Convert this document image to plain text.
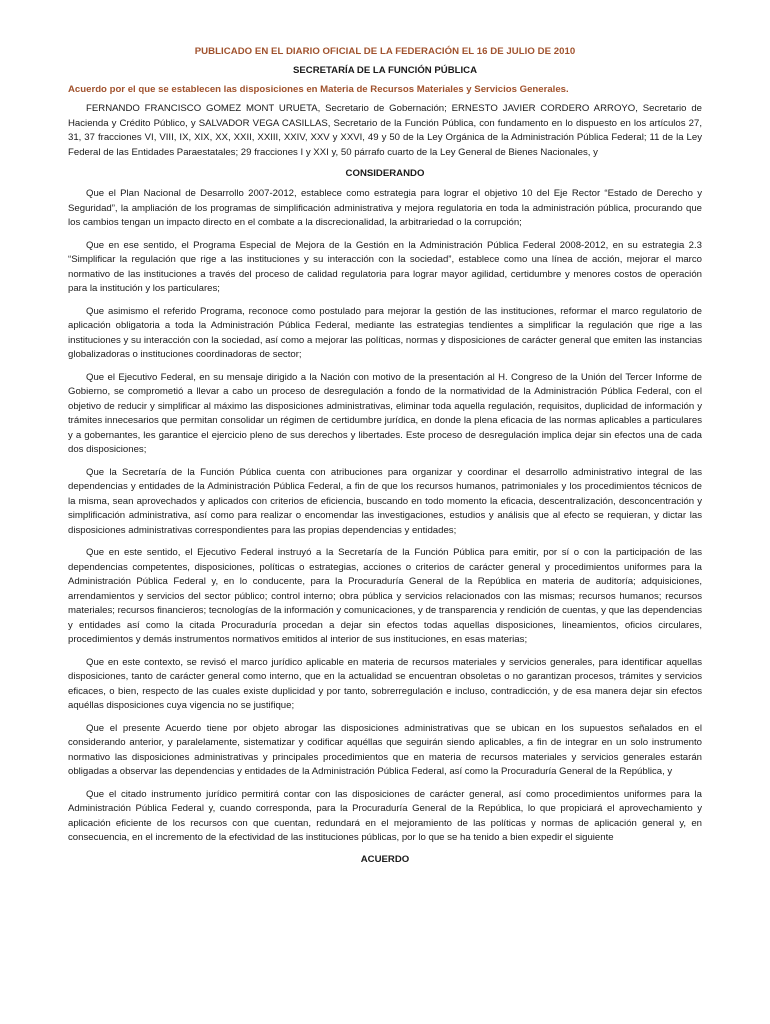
PUBLICADO EN EL DIARIO OFICIAL DE LA FEDERACIÓN EL 16 DE JULIO DE 2010

SECRETARÍA DE LA FUNCIÓN PÚBLICA

Acuerdo por el que se establecen las disposiciones en Materia de Recursos Materiales y Servicios Generales.

FERNANDO FRANCISCO GOMEZ MONT URUETA, Secretario de Gobernación; ERNESTO JAVIER CORDERO ARROYO, Secretario de Hacienda y Crédito Público, y SALVADOR VEGA CASILLAS, Secretario de la Función Pública, con fundamento en lo dispuesto en los artículos 27, 31, 37 fracciones VI, VIII, IX, XIX, XX, XXII, XXIII, XXIV, XXV y XXVI, 49 y 50 de la Ley Orgánica de la Administración Pública Federal; 11 de la Ley Federal de las Entidades Paraestatales; 29 fracciones I y XXI y, 50 párrafo cuarto de la Ley General de Bienes Nacionales, y

CONSIDERANDO

Que el Plan Nacional de Desarrollo 2007-2012, establece como estrategia para lograr el objetivo 10 del Eje Rector “Estado de Derecho y Seguridad”, la ampliación de los programas de simplificación administrativa y mejora regulatoria en toda la administración pública, procurando que los cambios tengan un impacto directo en el combate a la discrecionalidad, la arbitrariedad o la corrupción;

Que en ese sentido, el Programa Especial de Mejora de la Gestión en la Administración Pública Federal 2008-2012, en su estrategia 2.3 “Simplificar la regulación que rige a las instituciones y su interacción con la sociedad”, establece como una línea de acción, mejorar el marco normativo de las instituciones a través del proceso de calidad regulatoria para lograr mayor agilidad, certidumbre y menores costos de operación para la institución y los particulares;

Que asimismo el referido Programa, reconoce como postulado para mejorar la gestión de las instituciones, reformar el marco regulatorio de aplicación obligatoria a toda la Administración Pública Federal, mediante las estrategias tendientes a simplificar la regulación que rige a las instituciones y su interacción con la sociedad, así como a mejorar las políticas, normas y disposiciones de carácter general que emiten las instancias globalizadoras o instituciones coordinadoras de sector;

Que el Ejecutivo Federal, en su mensaje dirigido a la Nación con motivo de la presentación al H. Congreso de la Unión del Tercer Informe de Gobierno, se comprometió a llevar a cabo un proceso de desregulación a fondo de la normatividad de la Administración Pública Federal, con el objetivo de reducir y simplificar al máximo las disposiciones administrativas, eliminar toda aquella regulación, requisitos, duplicidad de información y trámites innecesarios que permitan consolidar un régimen de certidumbre jurídica, en donde la plena eficacia de las normas aplicables a particulares y a gobernantes, les garantice el ejercicio pleno de sus derechos y libertades. Este proceso de desregulación implica dejar sin efectos una de cada dos disposiciones;

Que la Secretaría de la Función Pública cuenta con atribuciones para organizar y coordinar el desarrollo administrativo integral de las dependencias y entidades de la Administración Pública Federal, a fin de que los recursos humanos, patrimoniales y los procedimientos técnicos de la misma, sean aprovechados y aplicados con criterios de eficiencia, buscando en todo momento la eficacia, descentralización, desconcentración y simplificación administrativa, así como para realizar o encomendar las investigaciones, estudios y análisis que al efecto se requieran, y dictar las disposiciones administrativas correspondientes para las propias dependencias y entidades;

Que en este sentido, el Ejecutivo Federal instruyó a la Secretaría de la Función Pública para emitir, por sí o con la participación de las dependencias competentes, disposiciones, políticas o estrategias, acciones o criterios de carácter general y procedimientos uniformes para la Administración Pública Federal y, en lo conducente, para la Procuraduría General de la República en materia de auditoría; adquisiciones, arrendamientos y servicios del sector público; control interno; obra pública y servicios relacionados con las mismas; recursos humanos; recursos materiales; recursos financieros; tecnologías de la información y comunicaciones, y de transparencia y rendición de cuentas, y que las dependencias y entidades así como la citada Procuraduría procedan a dejar sin efectos todas aquellas disposiciones, lineamientos, oficios circulares, procedimientos y demás instrumentos normativos emitidos al interior de sus instituciones, en esas materias;

Que en este contexto, se revisó el marco jurídico aplicable en materia de recursos materiales y servicios generales, para identificar aquellas disposiciones, tanto de carácter general como interno, que en la actualidad se encuentran obsoletas o no garantizan procesos, trámites y servicios eficaces, o bien, respecto de las cuales existe duplicidad y por tanto, sobrerregulación e incluso, contradicción, y de esa manera dejar sin efectos aquéllas disposiciones cuya vigencia no se justifique;

Que el presente Acuerdo tiene por objeto abrogar las disposiciones administrativas que se ubican en los supuestos señalados en el considerando anterior, y paralelamente, sistematizar y codificar aquéllas que seguirán siendo aplicables, a fin de integrar en un solo instrumento normativo las disposiciones administrativas y principales procedimientos que en materia de recursos materiales y servicios generales estarán obligadas a observar las dependencias y entidades de la Administración Pública Federal, así como la Procuraduría General de la República, y

Que el citado instrumento jurídico permitirá contar con las disposiciones de carácter general, así como procedimientos uniformes para la Administración Pública Federal y, cuando corresponda, para la Procuraduría General de la República, lo que propiciará el aprovechamiento y aplicación eficiente de los recursos con que cuentan, redundará en el mejoramiento de las políticas y normas de aplicación general y, en consecuencia, en el incremento de la efectividad de las instituciones públicas, por lo que se ha tenido a bien expedir el siguiente

ACUERDO
